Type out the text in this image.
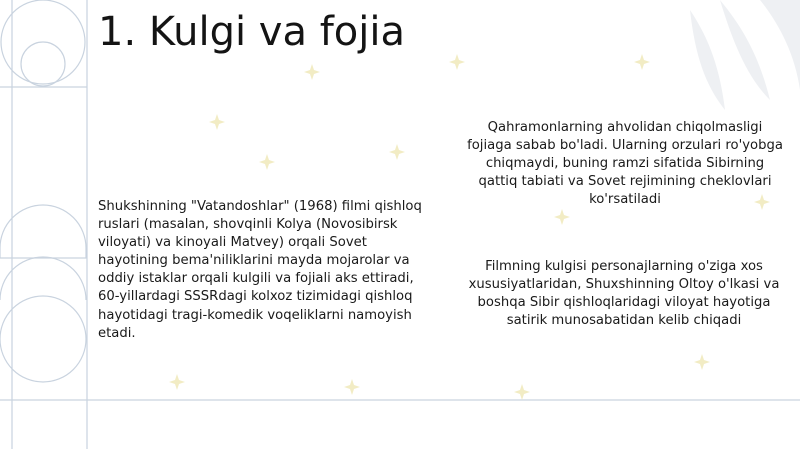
1. Kulgi va fojia

Shukshinning "Vatandoshlar" (1968) filmi qishloq ruslari (masalan, shovqinli Kolya (Novosibirsk viloyati) va kinoyali Matvey) orqali Sovet hayotining bema'niliklarini mayda mojarolar va oddiy istaklar orqali kulgili va fojiali aks ettiradi, 60-yillardagi SSSRdagi kolxoz tizimidagi qishloq hayotidagi tragi-komedik voqeliklarni namoyish etadi.

Qahramonlarning ahvolidan chiqolmasligi fojiaga sabab bo'ladi. Ularning orzulari ro'yobga chiqmaydi, buning ramzi sifatida Sibirning qattiq tabiati va Sovet rejimining cheklovlari ko'rsatiladi

Filmning kulgisi personajlarning o'ziga xos xususiyatlaridan, Shuxshinning Oltoy o'lkasi va boshqa Sibir qishloqlaridagi viloyat hayotiga satirik munosabatidan kelib chiqadi
